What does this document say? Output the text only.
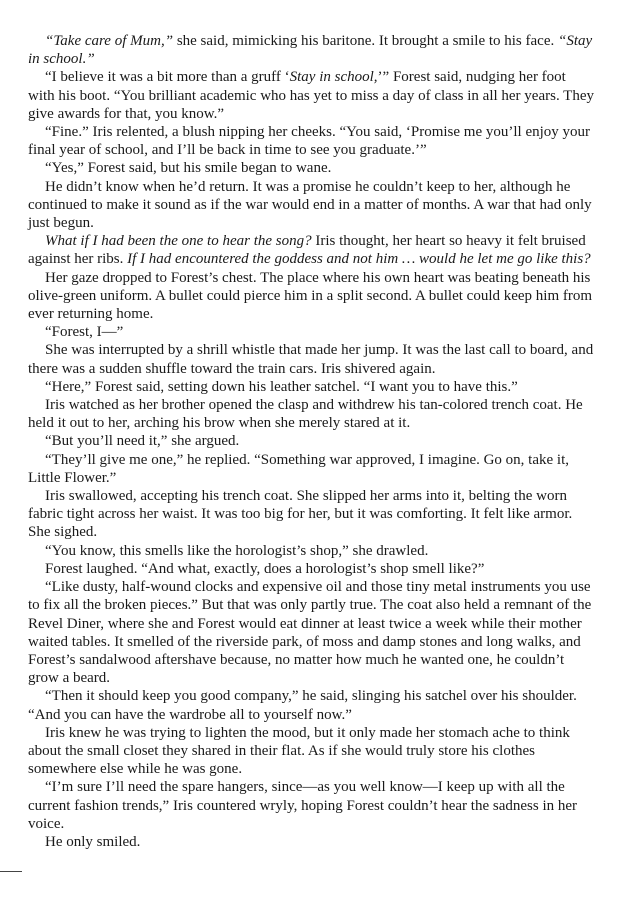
“Take care of Mum,” she said, mimicking his baritone. It brought a smile to his face. “Stay in school.”

“I believe it was a bit more than a gruff ‘Stay in school,’” Forest said, nudging her foot with his boot. “You brilliant academic who has yet to miss a day of class in all her years. They give awards for that, you know.”

“Fine.” Iris relented, a blush nipping her cheeks. “You said, ‘Promise me you’ll enjoy your final year of school, and I’ll be back in time to see you graduate.’”

“Yes,” Forest said, but his smile began to wane.

He didn’t know when he’d return. It was a promise he couldn’t keep to her, although he continued to make it sound as if the war would end in a matter of months. A war that had only just begun.

What if I had been the one to hear the song? Iris thought, her heart so heavy it felt bruised against her ribs. If I had encountered the goddess and not him … would he let me go like this?

Her gaze dropped to Forest’s chest. The place where his own heart was beating beneath his olive-green uniform. A bullet could pierce him in a split second. A bullet could keep him from ever returning home.

“Forest, I—”

She was interrupted by a shrill whistle that made her jump. It was the last call to board, and there was a sudden shuffle toward the train cars. Iris shivered again.

“Here,” Forest said, setting down his leather satchel. “I want you to have this.”

Iris watched as her brother opened the clasp and withdrew his tan-colored trench coat. He held it out to her, arching his brow when she merely stared at it.

“But you’ll need it,” she argued.

“They’ll give me one,” he replied. “Something war approved, I imagine. Go on, take it, Little Flower.”

Iris swallowed, accepting his trench coat. She slipped her arms into it, belting the worn fabric tight across her waist. It was too big for her, but it was comforting. It felt like armor. She sighed.

“You know, this smells like the horologist’s shop,” she drawled.

Forest laughed. “And what, exactly, does a horologist’s shop smell like?”

“Like dusty, half-wound clocks and expensive oil and those tiny metal instruments you use to fix all the broken pieces.” But that was only partly true. The coat also held a remnant of the Revel Diner, where she and Forest would eat dinner at least twice a week while their mother waited tables. It smelled of the riverside park, of moss and damp stones and long walks, and Forest’s sandalwood aftershave because, no matter how much he wanted one, he couldn’t grow a beard.

“Then it should keep you good company,” he said, slinging his satchel over his shoulder. “And you can have the wardrobe all to yourself now.”

Iris knew he was trying to lighten the mood, but it only made her stomach ache to think about the small closet they shared in their flat. As if she would truly store his clothes somewhere else while he was gone.

“I’m sure I’ll need the spare hangers, since—as you well know—I keep up with all the current fashion trends,” Iris countered wryly, hoping Forest couldn’t hear the sadness in her voice.

He only smiled.
